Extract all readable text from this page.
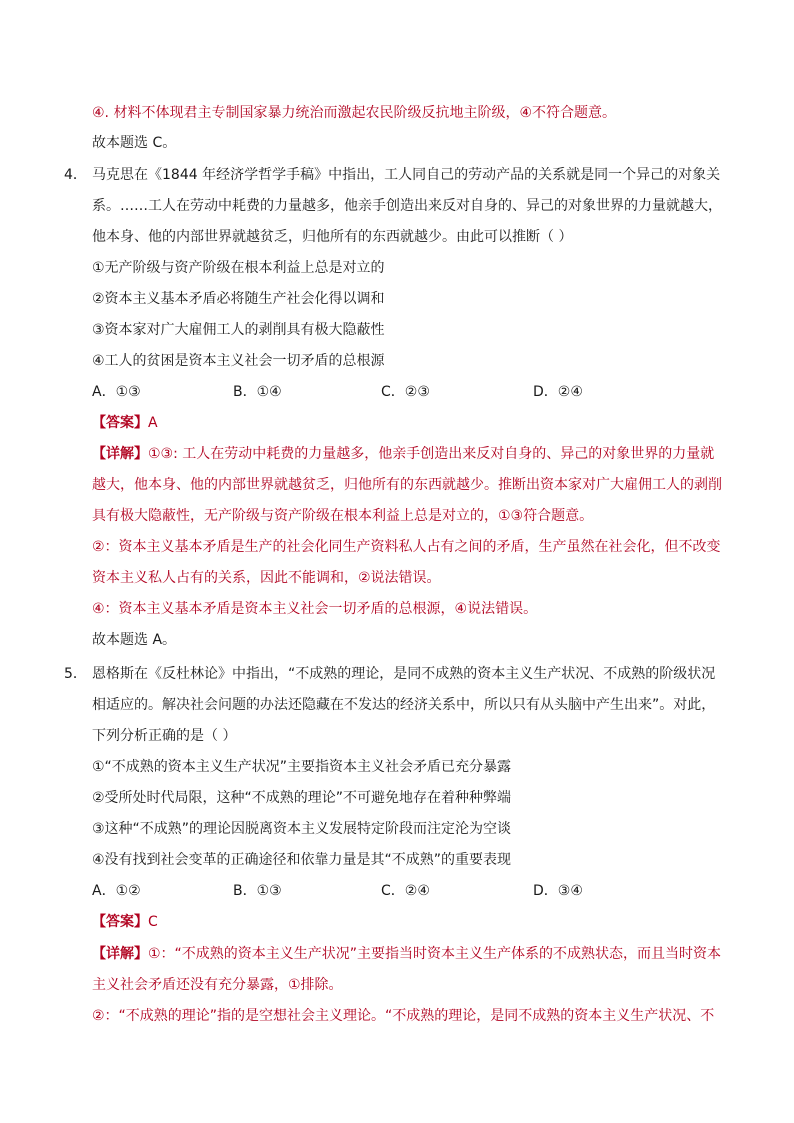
④. 材料不体现君主专制国家暴力统治而激起农民阶级反抗地主阶级，④不符合题意。
故本题选 C。
4． 马克思在《1844 年经济学哲学手稿》中指出，工人同自己的劳动产品的关系就是同一个异己的对象关
系。……工人在劳动中耗费的力量越多，他亲手创造出来反对自身的、异己的对象世界的力量就越大，
他本身、他的内部世界就越贫乏，归他所有的东西就越少。由此可以推断（ ）
①无产阶级与资产阶级在根本利益上总是对立的
②资本主义基本矛盾必将随生产社会化得以调和
③资本家对广大雇佣工人的剥削具有极大隐蔽性
④工人的贫困是资本主义社会一切矛盾的总根源
A．①③	B．①④	C．②③	D．②④
【答案】A
【详解】①③: 工人在劳动中耗费的力量越多，他亲手创造出来反对自身的、异己的对象世界的力量就
越大，他本身、他的内部世界就越贫乏，归他所有的东西就越少。推断出资本家对广大雇佣工人的剥削
具有极大隐蔽性，无产阶级与资产阶级在根本利益上总是对立的，①③符合题意。
②：资本主义基本矛盾是生产的社会化同生产资料私人占有之间的矛盾，生产虽然在社会化，但不改变
资本主义私人占有的关系，因此不能调和，②说法错误。
④：资本主义基本矛盾是资本主义社会一切矛盾的总根源，④说法错误。
故本题选 A。
5． 恩格斯在《反杜林论》中指出，“不成熟的理论，是同不成熟的资本主义生产状况、不成熟的阶级状况
相适应的。解决社会问题的办法还隐藏在不发达的经济关系中，所以只有从头脑中产生出来”。对此，
下列分析正确的是（ ）
①“不成熟的资本主义生产状况”主要指资本主义社会矛盾已充分暴露
②受所处时代局限，这种“不成熟的理论”不可避免地存在着种种弊端
③这种“不成熟”的理论因脱离资本主义发展特定阶段而注定沦为空谈
④没有找到社会变革的正确途径和依靠力量是其“不成熟”的重要表现
A．①②	B．①③	C．②④	D．③④
【答案】C
【详解】①：“不成熟的资本主义生产状况”主要指当时资本主义生产体系的不成熟状态，而且当时资本
主义社会矛盾还没有充分暴露，①排除。
②：“不成熟的理论”指的是空想社会主义理论。“不成熟的理论，是同不成熟的资本主义生产状况、不
